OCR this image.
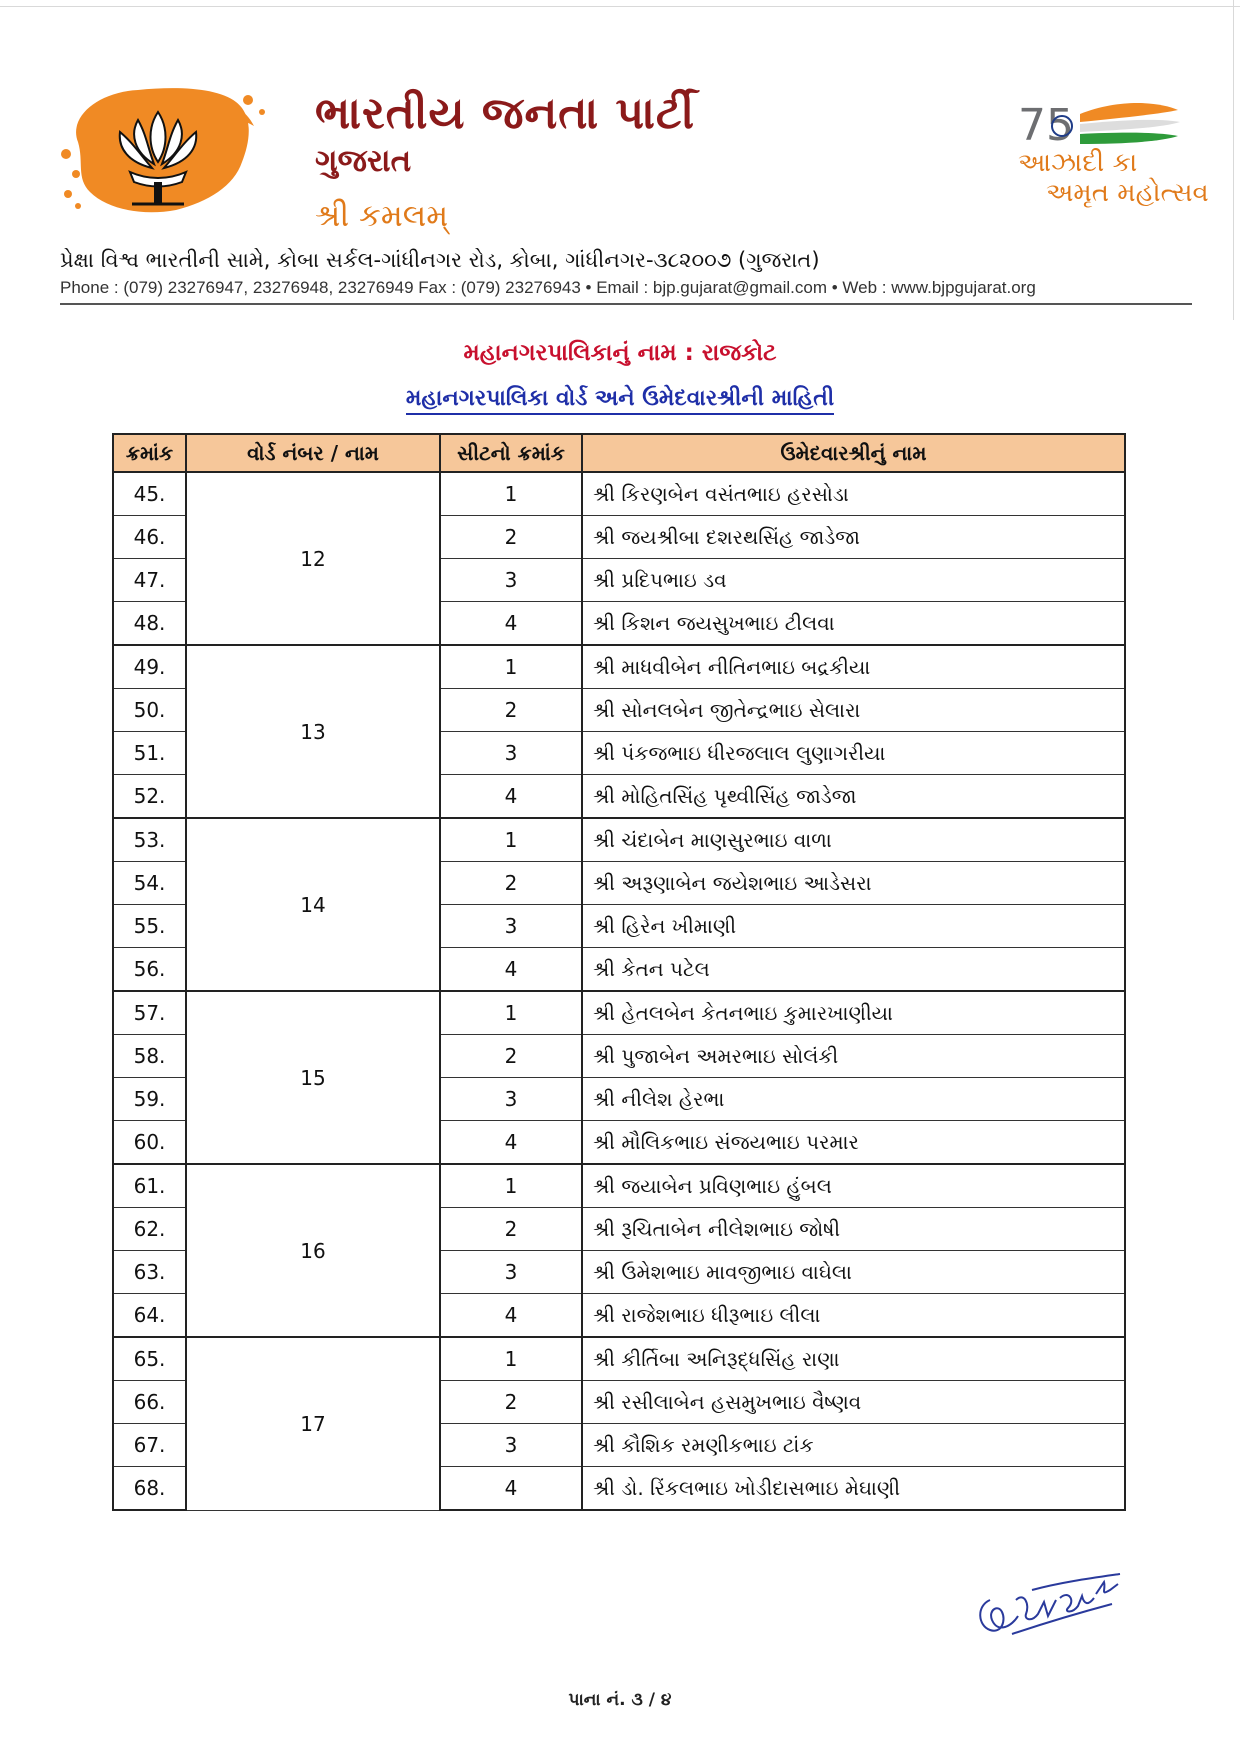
ભારતીય જનતા પાર્ટી
ગુજરાત
શ્રી કમલમ્
75
આઝાદી કા
અમૃત મહોત્સવ
પ્રેક્ષા વિશ્વ ભારતીની સામે, કોબા સર્કલ-ગાંધીનગર રોડ, કોબા, ગાંધીનગર-૩૮૨૦૦૭ (ગુજરાત)
Phone : (079) 23276947, 23276948, 23276949 Fax : (079) 23276943 • Email : bjp.gujarat@gmail.com • Web : www.bjpgujarat.org
મહાનગરપાલિકાનું નામ : રાજકોટ
મહાનગરપાલિકા વોર્ડ અને ઉમેદવારશ્રીની માહિતી
ક્રમાંક	વોર્ડ નંબર / નામ	સીટનો ક્રમાંક	ઉમેદવારશ્રીનું નામ
45.	12	1	શ્રી કિરણબેન વસંતભાઇ હરસોડા
46.		2	શ્રી જયશ્રીબા દશરથસિંહ જાડેજા
47.		3	શ્રી પ્રદિપભાઇ ડવ
48.		4	શ્રી કિશન જયસુખભાઇ ટીલવા
49.	13	1	શ્રી માધવીબેન નીતિનભાઇ બદ્રકીયા
50.		2	શ્રી સોનલબેન જીતેન્દ્રભાઇ સેલારા
51.		3	શ્રી પંકજભાઇ ધીરજલાલ લુણાગરીયા
52.		4	શ્રી મોહિતસિંહ પૃથ્વીસિંહ જાડેજા
53.	14	1	શ્રી ચંદાબેન માણસુરભાઇ વાળા
54.		2	શ્રી અરૂણાબેન જયેશભાઇ આડેસરા
55.		3	શ્રી હિરેન ખીમાણી
56.		4	શ્રી કેતન પટેલ
57.	15	1	શ્રી હેતલબેન કેતનભાઇ કુમારખાણીયા
58.		2	શ્રી પુજાબેન અમરભાઇ સોલંકી
59.		3	શ્રી નીલેશ હેરભા
60.		4	શ્રી મૌલિકભાઇ સંજયભાઇ પરમાર
61.	16	1	શ્રી જયાબેન પ્રવિણભાઇ હુંબલ
62.		2	શ્રી રૂચિતાબેન નીલેશભાઇ જોષી
63.		3	શ્રી ઉમેશભાઇ માવજીભાઇ વાઘેલા
64.		4	શ્રી રાજેશભાઇ ધીરૂભાઇ લીલા
65.	17	1	શ્રી કીર્તિબા અનિરૂદ્ધસિંહ રાણા
66.		2	શ્રી રસીલાબેન હસમુખભાઇ વૈષ્ણવ
67.		3	શ્રી કૌશિક રમણીકભાઇ ટાંક
68.		4	શ્રી ડો. રિંકલભાઇ ખોડીદાસભાઇ મેઘાણી
પાના નં. ૩ / ૪
